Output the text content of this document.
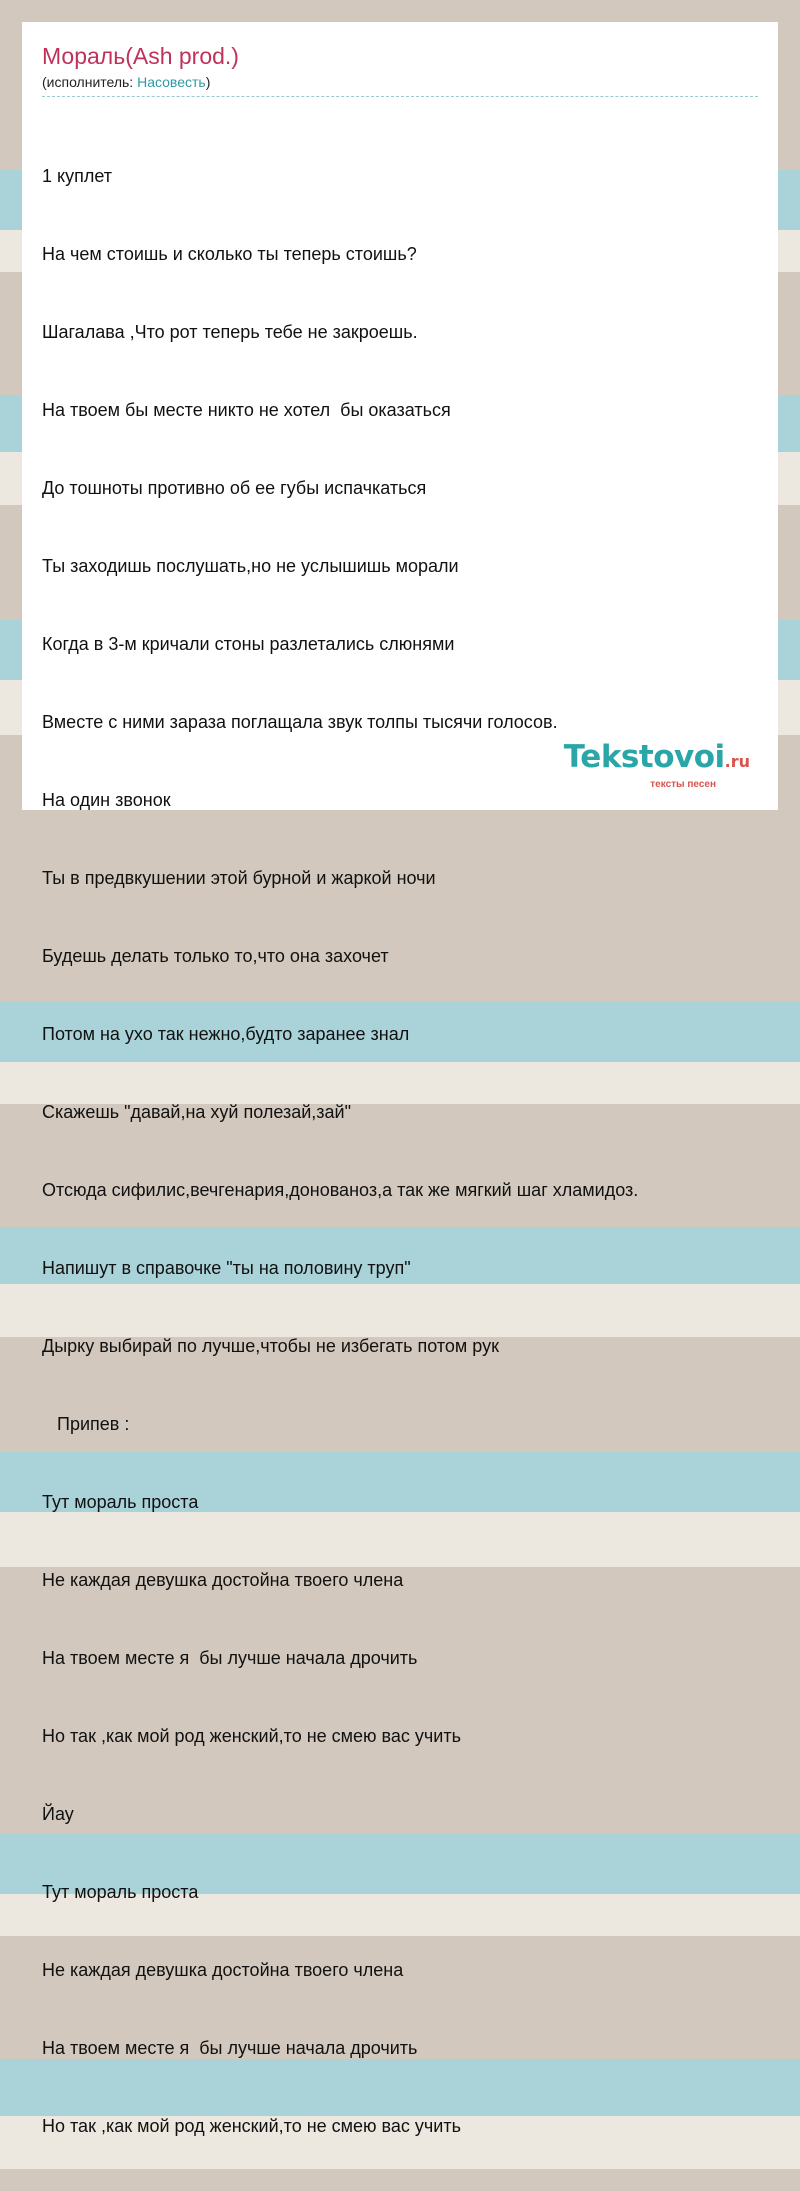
Мораль(Ash prod.)
(исполнитель: Насовесть)

1 куплет

На чем стоишь и сколько ты теперь стоишь?

Шагалава ,Что рот теперь тебе не закроешь.

На твоем бы месте никто не хотел  бы оказаться

До тошноты противно об ее губы испачкаться

Ты заходишь послушать,но не услышишь морали

Когда в 3-м кричали стоны разлетались слюнями

Вместе с ними зараза поглащала звук толпы тысячи голосов.

На один звонок

Ты в предвкушении этой бурной и жаркой ночи

Будешь делать только то,что она захочет

Потом на ухо так нежно,будто заранее знал

Скажешь "давай,на хуй полезай,зай"

Отсюда сифилис,вечгенария,донованоз,а так же мягкий шаг хламидоз.

Напишут в справочке "ты на половину труп"

Дырку выбирай по лучше,чтобы не избегать потом рук

Припев :

Тут мораль проста

Не каждая девушка достойна твоего члена

На твоем месте я  бы лучше начала дрочить

Но так ,как мой род женский,то не смею вас учить

Йау

Тут мораль проста

Не каждая девушка достойна твоего члена

На твоем месте я  бы лучше начала дрочить

Но так ,как мой род женский,то не смею вас учить

Tekstovoi.ru
тексты песен
